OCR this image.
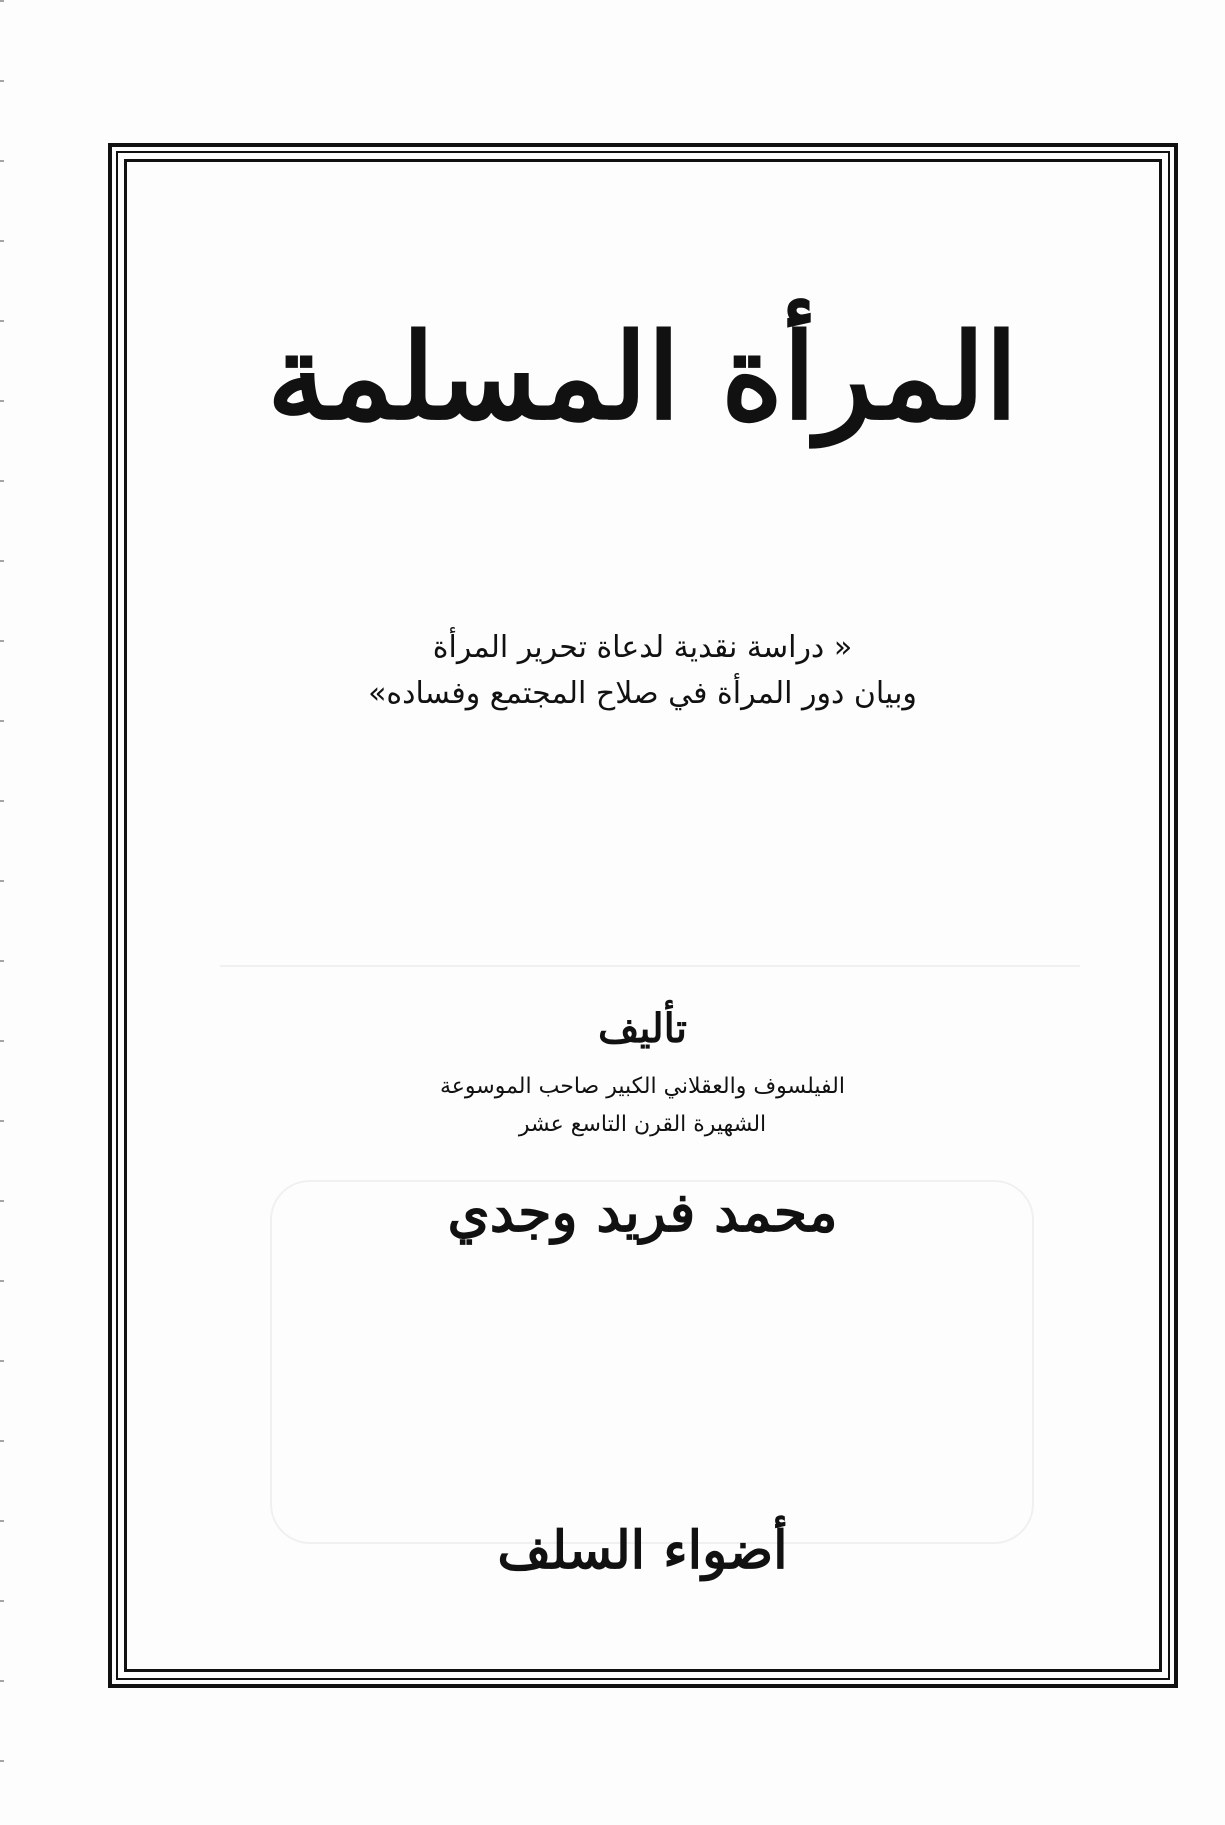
المرأة المسلمة
« دراسة نقدية لدعاة تحرير المرأة
وبيان دور المرأة في صلاح المجتمع وفساده»
تأليف
الفيلسوف والعقلاني الكبير صاحب الموسوعة
الشهيرة القرن التاسع عشر
محمد فريد وجدي
أضواء السلف
